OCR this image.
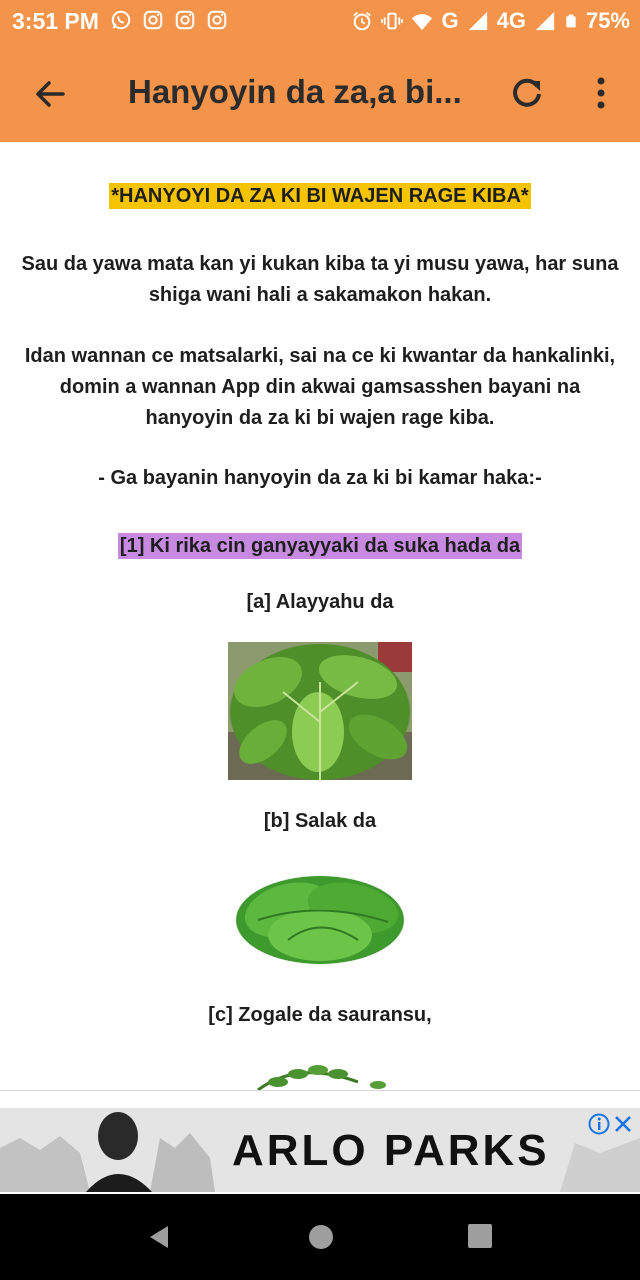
3:51 PM	G 4G	75%
Hanyoyin da za,a bi...
*HANYOYI DA ZA KI BI WAJEN RAGE KIBA*
Sau da yawa mata kan yi kukan kiba ta yi musu yawa, har suna shiga wani hali a sakamakon hakan.
Idan wannan ce matsalarki, sai na ce ki kwantar da hankalinki, domin a wannan App din akwai gamsasshen bayani na hanyoyin da za ki bi wajen rage kiba.
- Ga bayanin hanyoyin da za ki bi kamar haka:-
[1] Ki rika cin ganyayyaki da suka hada da
[a] Alayyahu da
[b] Salak da
[c] Zogale da sauransu,
ARLO PARKS
